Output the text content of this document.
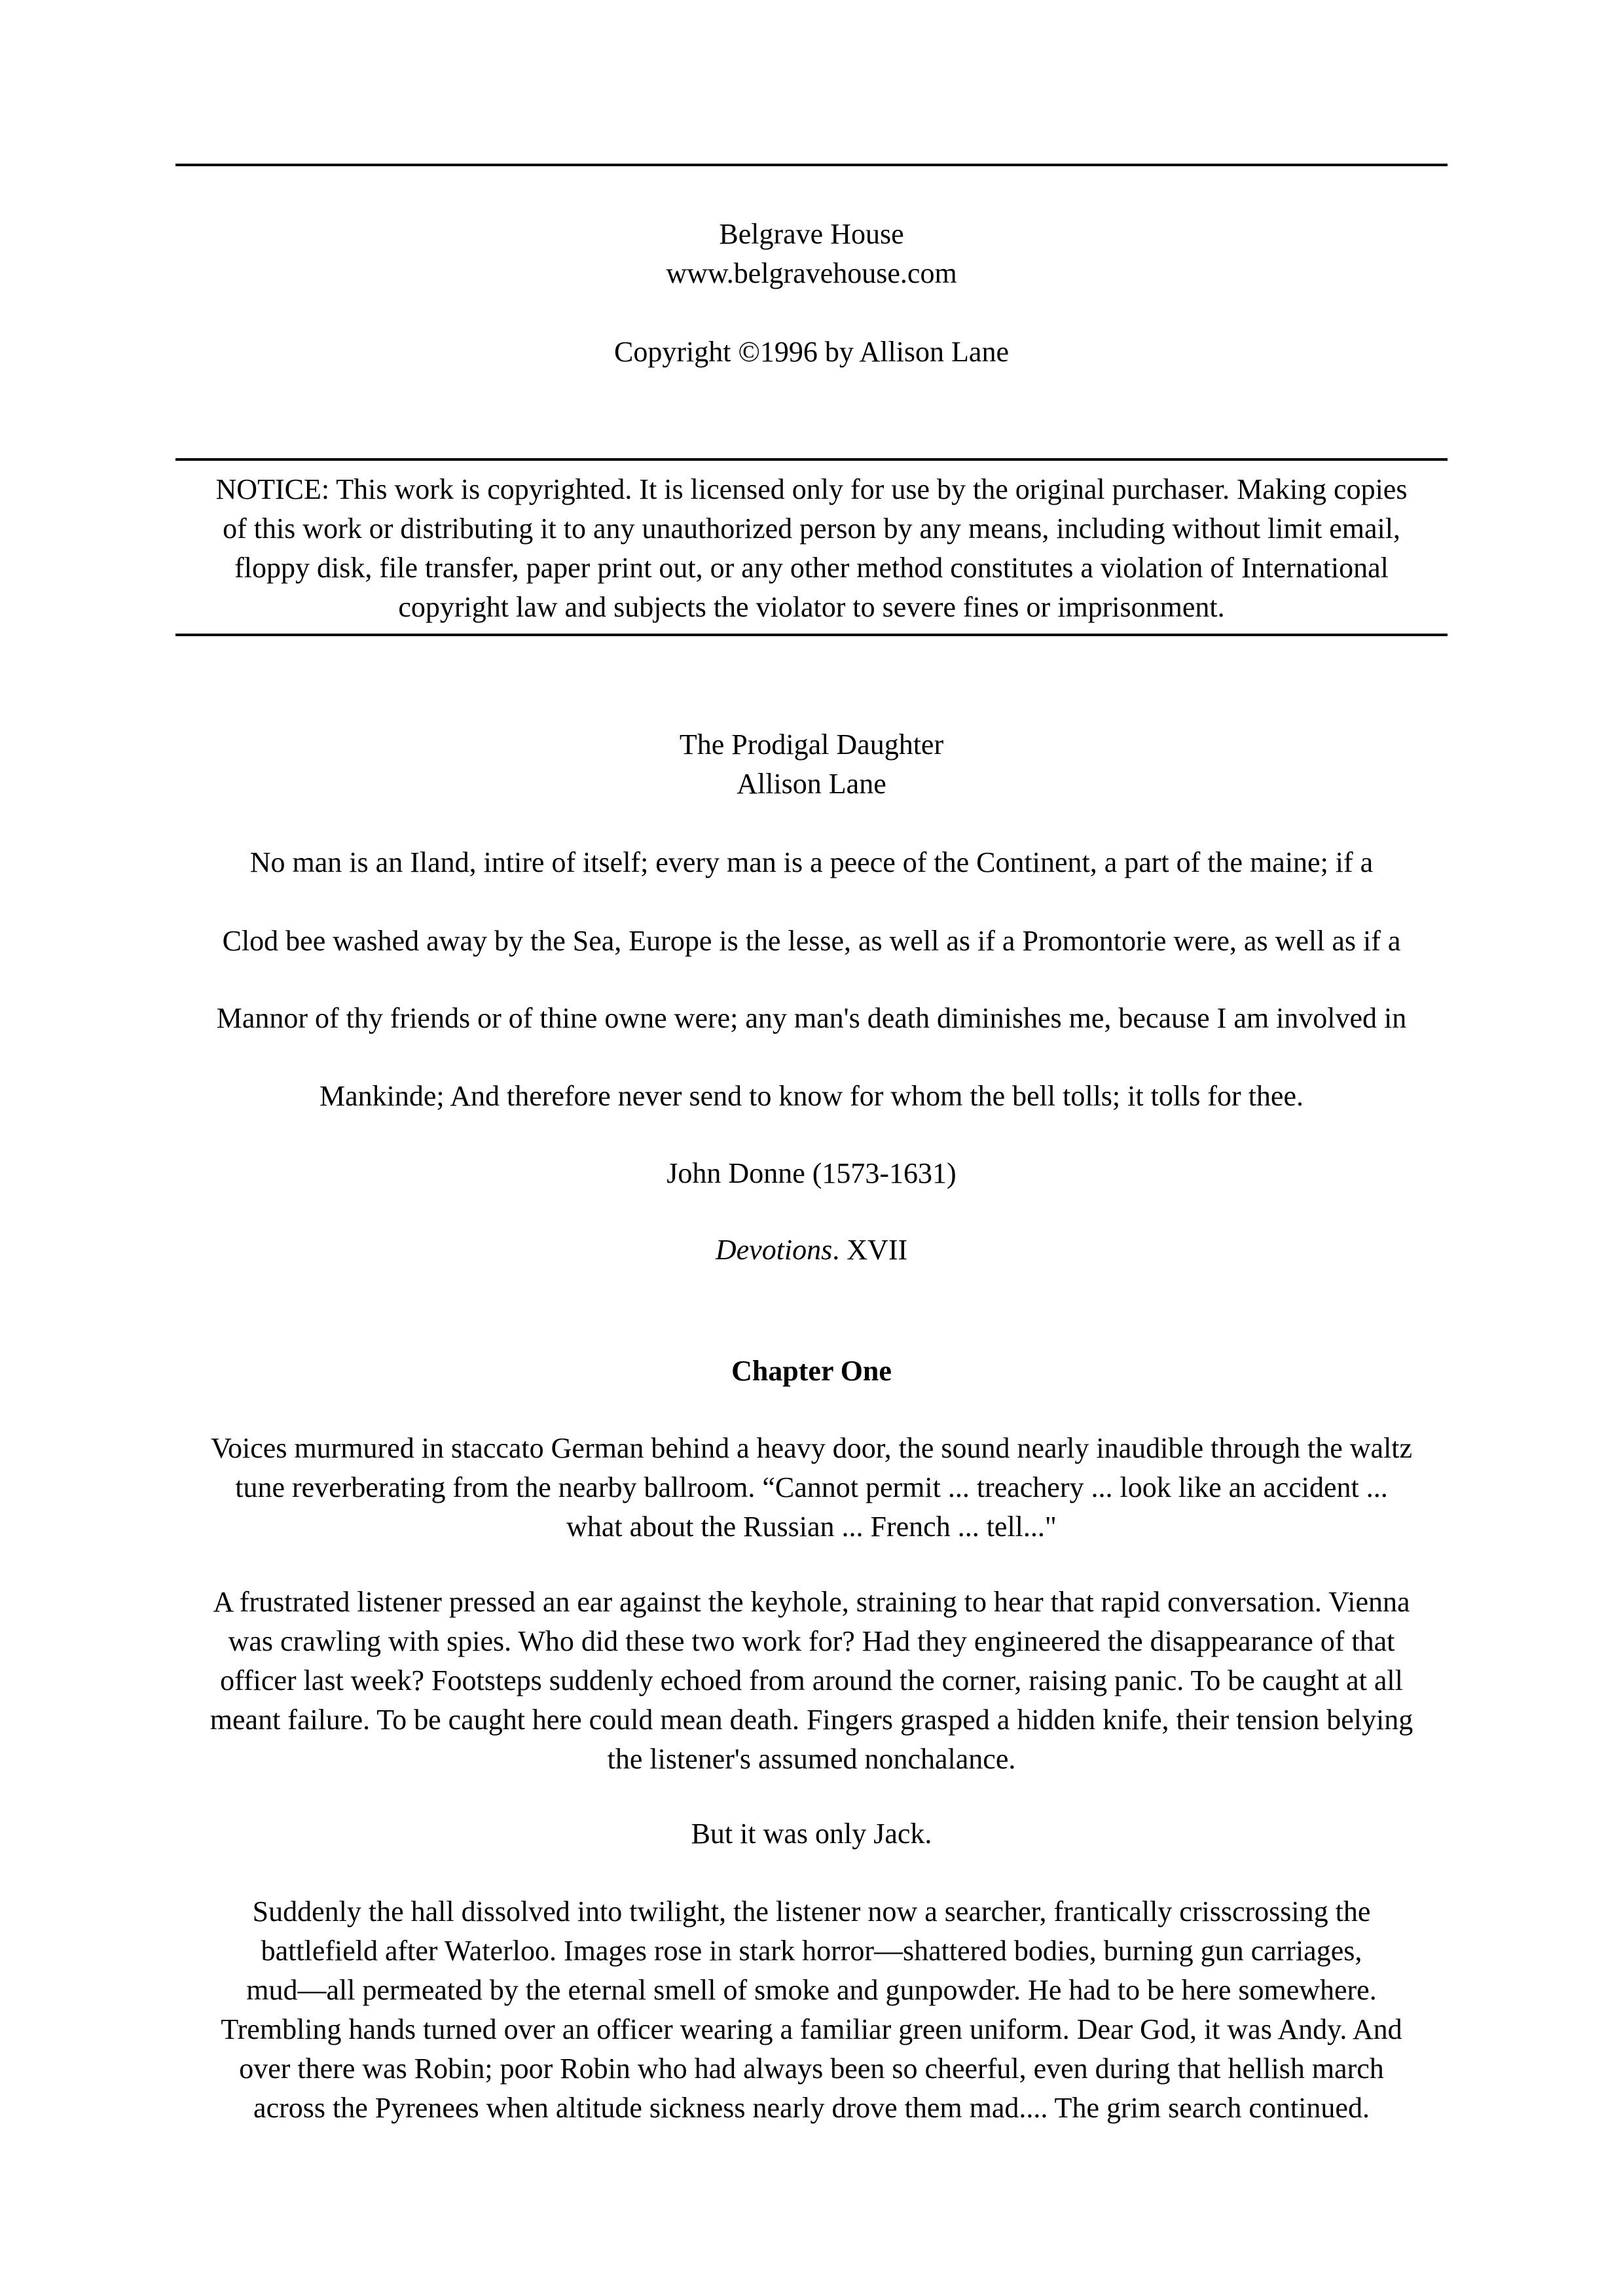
Belgrave House
www.belgravehouse.com
Copyright ©1996 by Allison Lane
NOTICE: This work is copyrighted. It is licensed only for use by the original purchaser. Making copies
of this work or distributing it to any unauthorized person by any means, including without limit email,
floppy disk, file transfer, paper print out, or any other method constitutes a violation of International
copyright law and subjects the violator to severe fines or imprisonment.
The Prodigal Daughter
Allison Lane
No man is an Iland, intire of itself; every man is a peece of the Continent, a part of the maine; if a
Clod bee washed away by the Sea, Europe is the lesse, as well as if a Promontorie were, as well as if a
Mannor of thy friends or of thine owne were; any man's death diminishes me, because I am involved in
Mankinde; And therefore never send to know for whom the bell tolls; it tolls for thee.
John Donne (1573-1631)
Devotions. XVII
Chapter One
Voices murmured in staccato German behind a heavy door, the sound nearly inaudible through the waltz
tune reverberating from the nearby ballroom. “Cannot permit ... treachery ... look like an accident ...
what about the Russian ... French ... tell..."
A frustrated listener pressed an ear against the keyhole, straining to hear that rapid conversation. Vienna
was crawling with spies. Who did these two work for? Had they engineered the disappearance of that
officer last week? Footsteps suddenly echoed from around the corner, raising panic. To be caught at all
meant failure. To be caught here could mean death. Fingers grasped a hidden knife, their tension belying
the listener's assumed nonchalance.
But it was only Jack.
Suddenly the hall dissolved into twilight, the listener now a searcher, frantically crisscrossing the
battlefield after Waterloo. Images rose in stark horror—shattered bodies, burning gun carriages,
mud—all permeated by the eternal smell of smoke and gunpowder. He had to be here somewhere.
Trembling hands turned over an officer wearing a familiar green uniform. Dear God, it was Andy. And
over there was Robin; poor Robin who had always been so cheerful, even during that hellish march
across the Pyrenees when altitude sickness nearly drove them mad.... The grim search continued.
